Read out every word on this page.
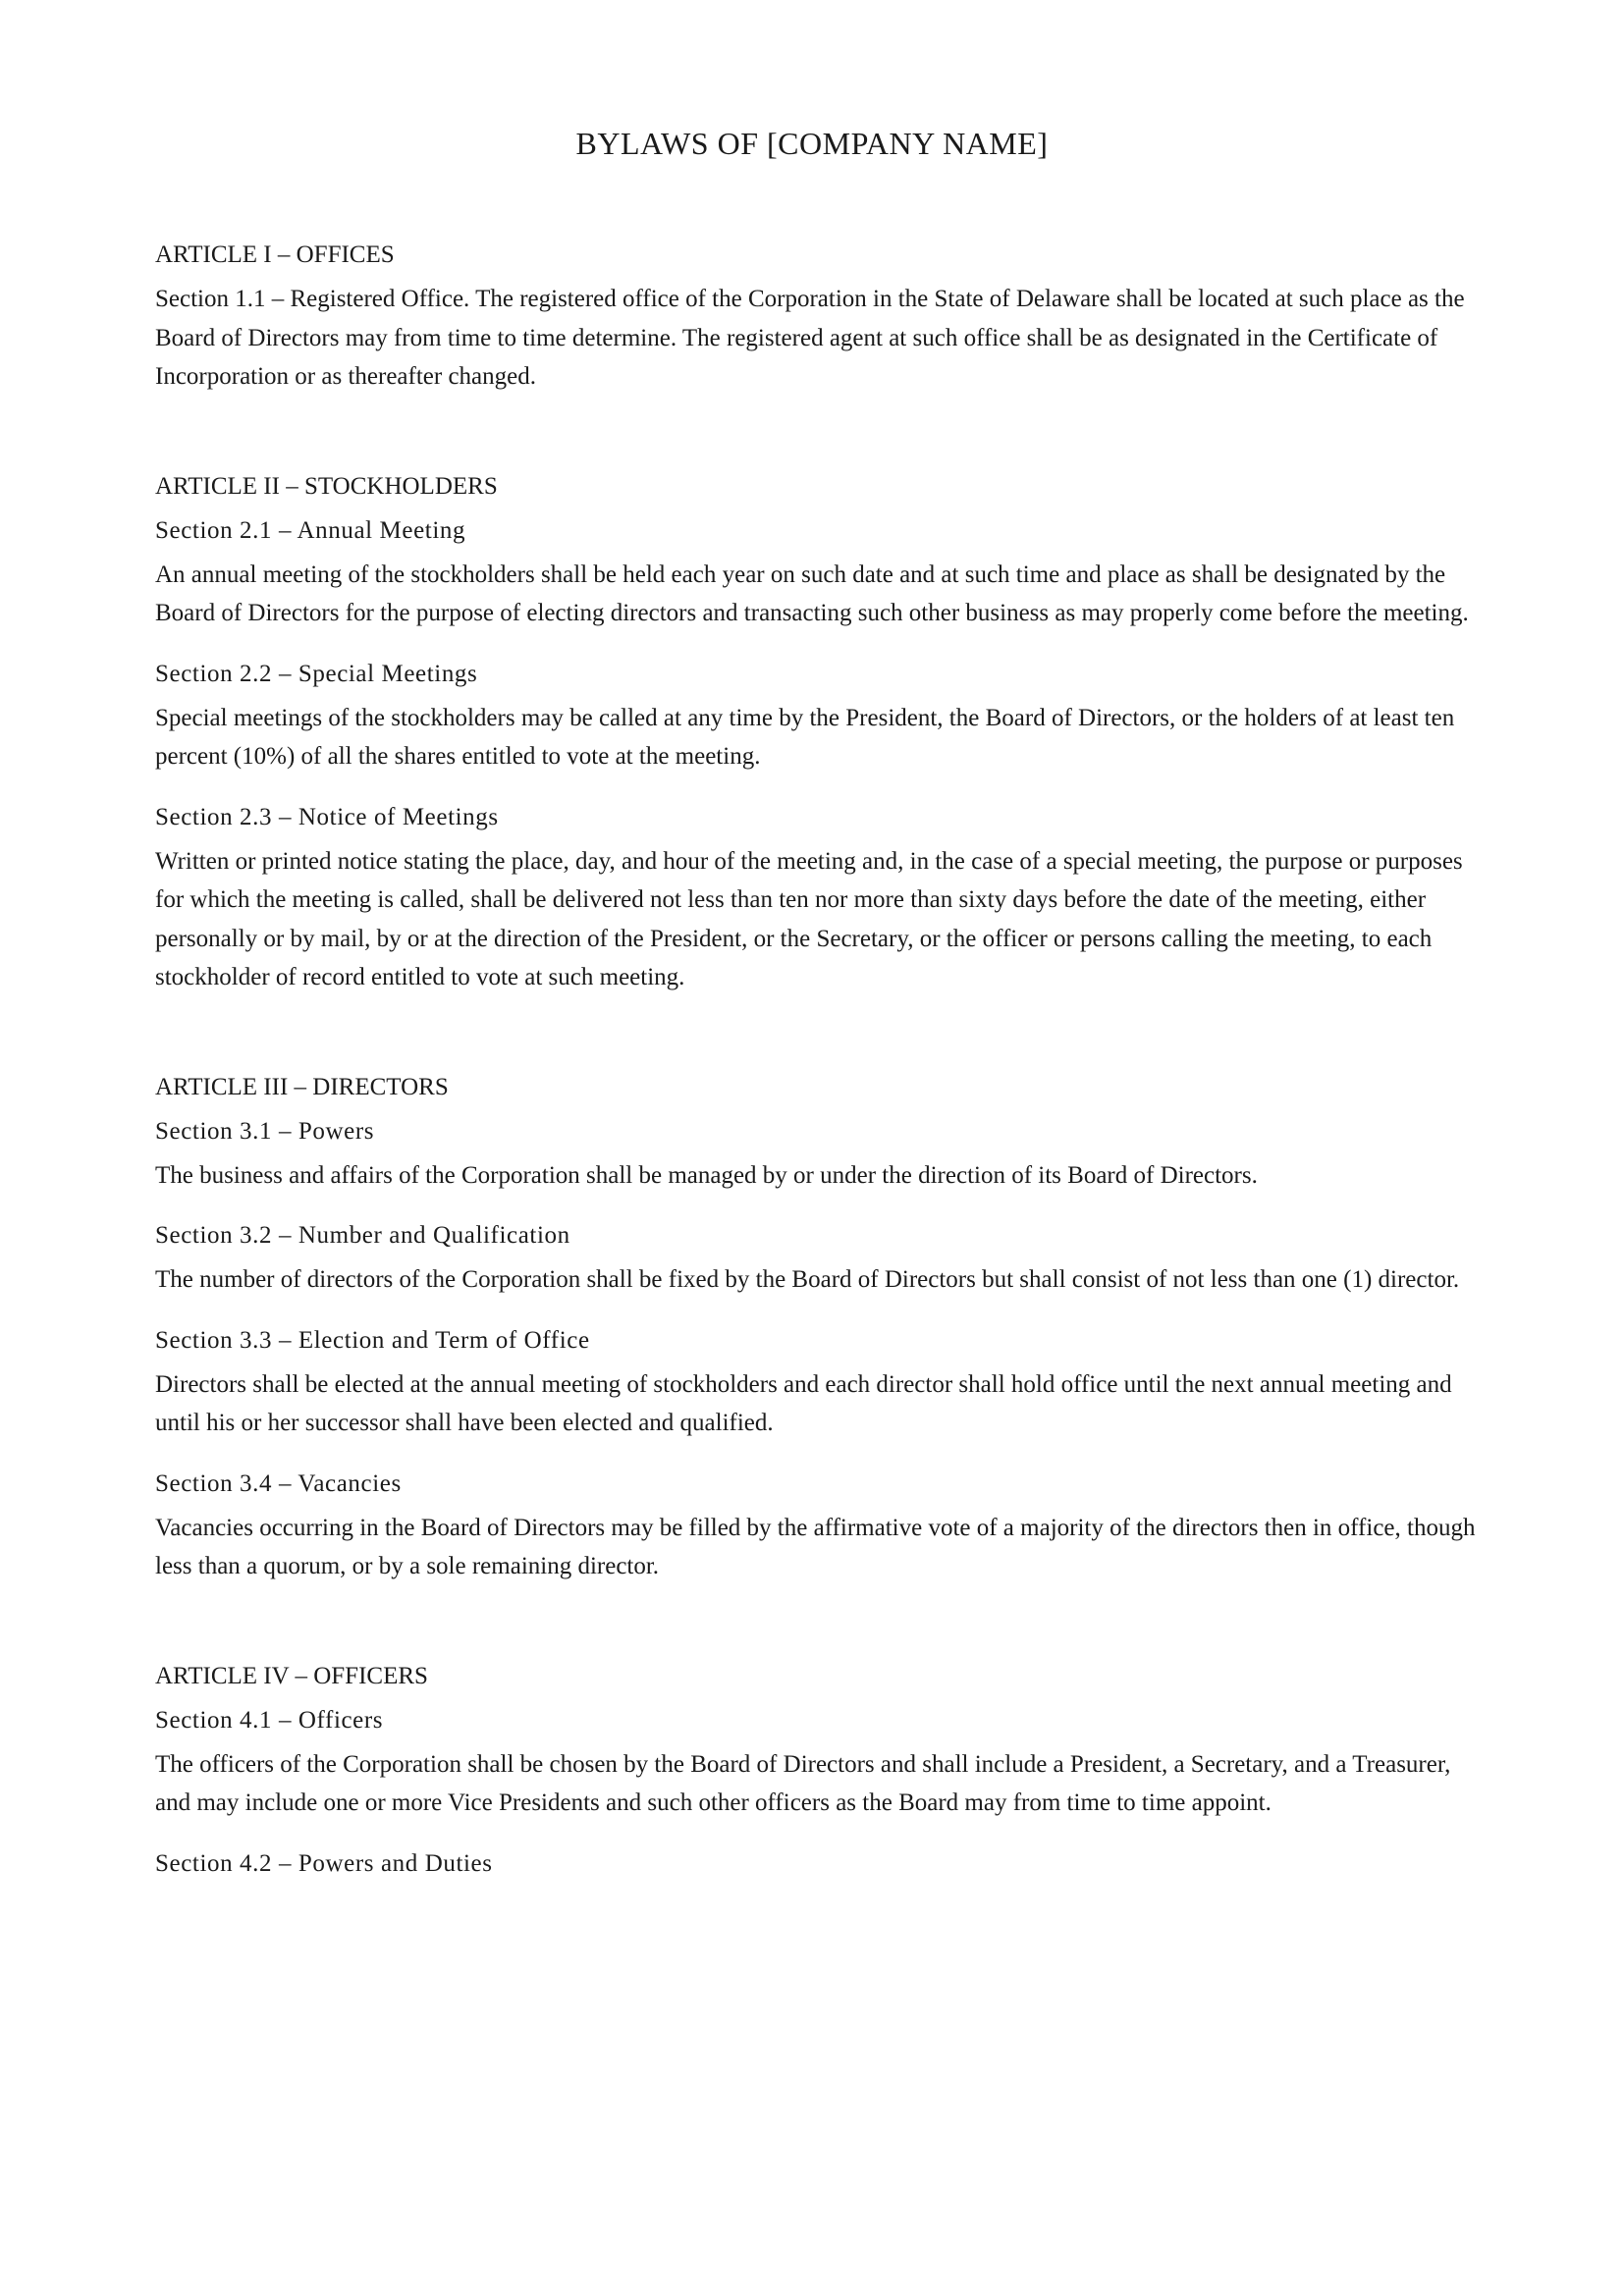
BYLAWS OF [COMPANY NAME]
ARTICLE I – OFFICES

Section 1.1 – Registered Office. The registered office of the Corporation in the State of Delaware shall be located at such place as the Board of Directors may from time to time determine. The registered agent at such office shall be as designated in the Certificate of Incorporation or as thereafter changed.

ARTICLE II – STOCKHOLDERS
Section 2.1 – Annual Meeting

An annual meeting of the stockholders shall be held each year on such date and at such time and place as shall be designated by the Board of Directors for the purpose of electing directors and transacting such other business as may properly come before the meeting.

Section 2.2 – Special Meetings

Special meetings of the stockholders may be called at any time by the President, the Board of Directors, or the holders of at least ten percent (10%) of all the shares entitled to vote at the meeting.

Section 2.3 – Notice of Meetings

Written or printed notice stating the place, day, and hour of the meeting and, in the case of a special meeting, the purpose or purposes for which the meeting is called, shall be delivered not less than ten nor more than sixty days before the date of the meeting, either personally or by mail, by or at the direction of the President, or the Secretary, or the officer or persons calling the meeting, to each stockholder of record entitled to vote at such meeting.

ARTICLE III – DIRECTORS
Section 3.1 – Powers

The business and affairs of the Corporation shall be managed by or under the direction of its Board of Directors.

Section 3.2 – Number and Qualification

The number of directors of the Corporation shall be fixed by the Board of Directors but shall consist of not less than one (1) director.

Section 3.3 – Election and Term of Office

Directors shall be elected at the annual meeting of stockholders and each director shall hold office until the next annual meeting and until his or her successor shall have been elected and qualified.

Section 3.4 – Vacancies

Vacancies occurring in the Board of Directors may be filled by the affirmative vote of a majority of the directors then in office, though less than a quorum, or by a sole remaining director.

ARTICLE IV – OFFICERS
Section 4.1 – Officers

The officers of the Corporation shall be chosen by the Board of Directors and shall include a President, a Secretary, and a Treasurer, and may include one or more Vice Presidents and such other officers as the Board may from time to time appoint.

Section 4.2 – Powers and Duties
